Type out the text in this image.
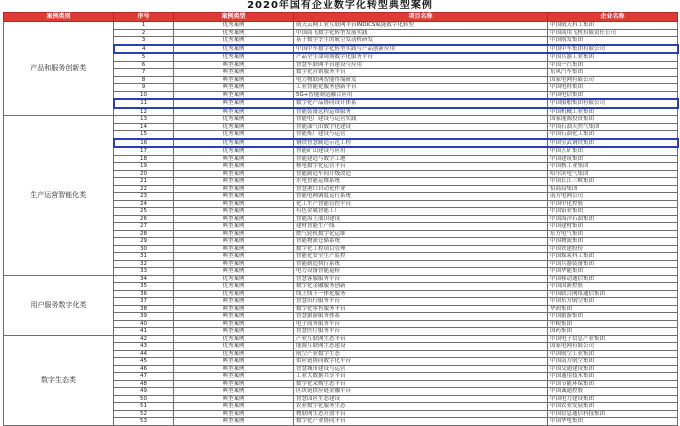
2020年国有企业数字化转型典型案例
案例类别	序号	案例类型	项目名称	企业名称
产品和服务创新类	1	优秀案例	航天云网工业互联网平台INDICS赋能数字化转型	中国航天科工集团
	2	优秀案例	中国商飞数字化转型发展实践	中国商用飞机有限责任公司
	3	优秀案例	基于数字孪生的航空发动机研发	中国航发集团
	4	优秀案例	中国中车数字化转型实践与产品创新应用	中国中车集团有限公司
	5	优秀案例	产品全生命周期数字化服务平台	中国兵器工业集团
	6	典型案例	智慧车联网平台建设与应用	中国一汽集团
	7	典型案例	数字化营销服务平台	东风汽车集团
	8	典型案例	电力物联网智能终端研发	国家电网有限公司
	9	典型案例	工业智能化服务创新平台	中国电科集团
	10	典型案例	5G+智能制造融合应用	中国电信集团
	11	典型案例	数字化产品协同设计体系	中国船舶集团有限公司
	12	典型案例	智能装备远程运维服务	中国机械工业集团
生产运营智能化类	13	优秀案例	智能电厂建设与运营实践	国家能源投资集团
	14	优秀案例	智能油气田数字化建设	中国石油天然气集团
	15	优秀案例	智能炼厂建设与运营	中国石油化工集团
	16	优秀案例	钢铁智慧制造示范工程	中国宝武钢铁集团
	17	优秀案例	智能矿山建设与应用	中国五矿集团
	18	典型案例	智能建造与数字工地	中国建筑集团
	19	典型案例	核电数字化运营平台	中国核工业集团
	20	典型案例	智能制造车间升级改造	哈尔滨电气集团
	21	典型案例	水电智能运维系统	中国长江三峡集团
	22	典型案例	智慧港口自动化作业	招商局集团
	23	典型案例	智能电网调度运行系统	南方电网公司
	24	典型案例	化工生产智能管控平台	中国中化控股
	25	典型案例	有色金属智能工厂	中国铝业集团
	26	典型案例	智能海上油田建设	中国海洋石油集团
	27	典型案例	建材智能生产线	中国建材集团
	28	典型案例	燃气轮机数字化运维	东方电气集团
	29	典型案例	智能物流仓储系统	中国物流集团
	30	典型案例	数字化工程项目管理	中国铁建股份
	31	典型案例	智能化安全生产监控	中国煤炭科工集团
	32	典型案例	智能制造执行系统	中国兵器装备集团
	33	典型案例	电力设备智能巡检	中国华能集团
用户服务数字化类	34	优秀案例	智慧客服服务平台	中国移动通信集团
	35	优秀案例	数字化金融服务创新	中国国新控股
	36	优秀案例	线上线下一体化服务	中国联合网络通信集团
	37	典型案例	智慧出行服务平台	中国东方航空集团
	38	典型案例	数字化零售服务平台	华润集团
	39	典型案例	智慧旅游服务体系	中国旅游集团
	40	典型案例	电子商务服务平台	中粮集团
	41	典型案例	智慧医疗服务平台	国药集团
数字生态类	42	优秀案例	产业互联网生态平台	中国电子信息产业集团
	43	优秀案例	能源互联网生态建设	国家电网有限公司
	44	优秀案例	航空产业数字生态	中国航空工业集团
	45	典型案例	供应链协同数字化平台	中国南方航空集团
	46	典型案例	智慧城市建设与运营	中国交通建设集团
	47	典型案例	工业大数据共享平台	中国通用技术集团
	48	典型案例	数字化采购生态平台	中国节能环保集团
	49	典型案例	区块链供应链金融平台	中国诚通控股
	50	典型案例	智慧园区生态建设	中国电力建设集团
	51	典型案例	农业数字化服务生态	中国农业发展集团
	52	典型案例	物联网生态开放平台	中国信息通信科技集团
	53	典型案例	数字化产业协同平台	中国华电集团
